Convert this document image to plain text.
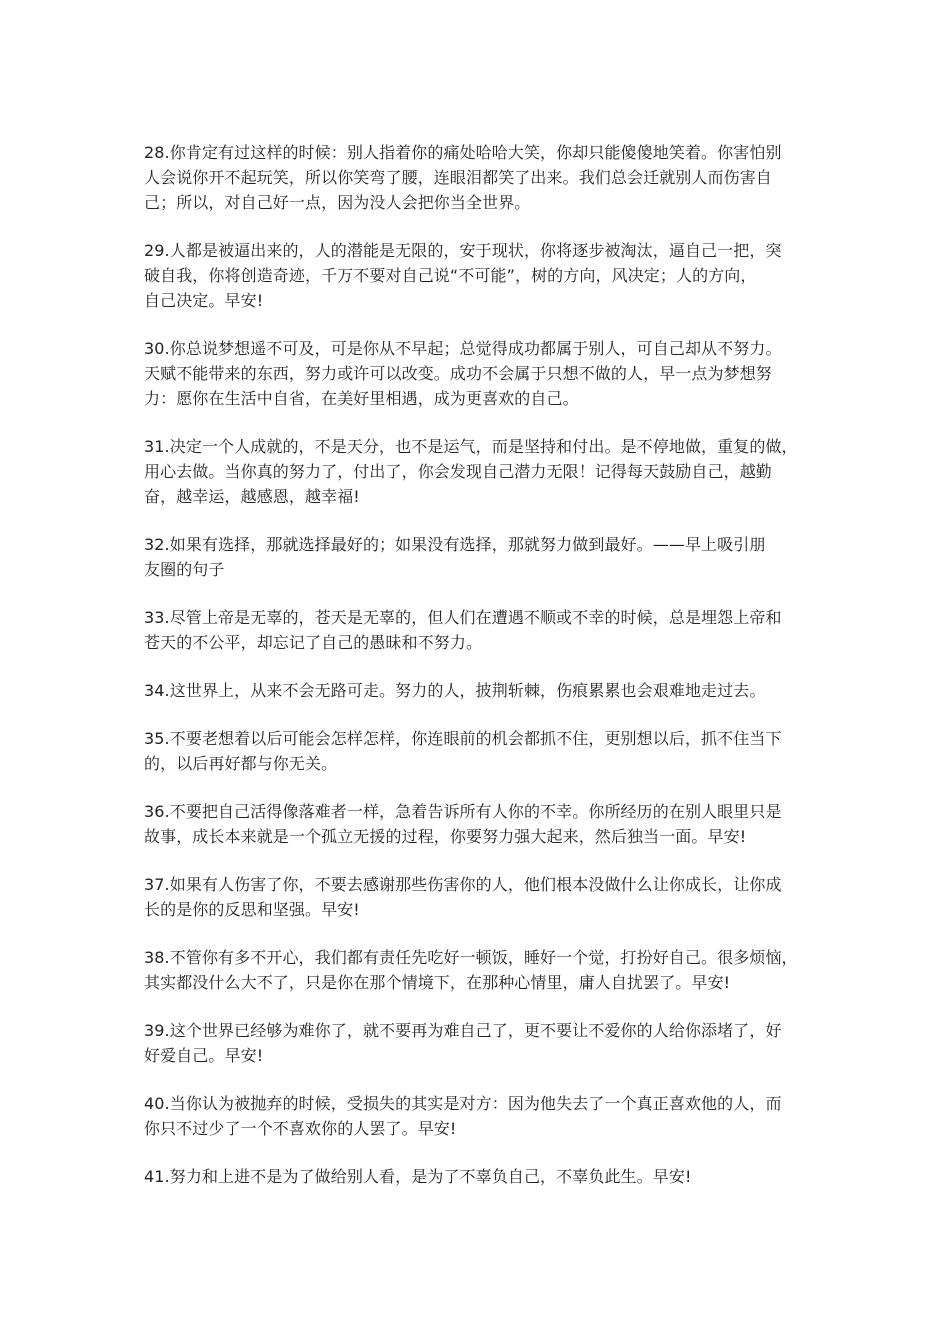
28.你肯定有过这样的时候：别人指着你的痛处哈哈大笑，你却只能傻傻地笑着。你害怕别
人会说你开不起玩笑，所以你笑弯了腰，连眼泪都笑了出来。我们总会迁就别人而伤害自
己；所以，对自己好一点，因为没人会把你当全世界。

29.人都是被逼出来的，人的潜能是无限的，安于现状，你将逐步被淘汰，逼自己一把，突
破自我，你将创造奇迹，千万不要对自己说“不可能”，树的方向，风决定；人的方向，
自己决定。早安!

30.你总说梦想遥不可及，可是你从不早起；总觉得成功都属于别人，可自己却从不努力。
天赋不能带来的东西，努力或许可以改变。成功不会属于只想不做的人，早一点为梦想努
力：愿你在生活中自省，在美好里相遇，成为更喜欢的自己。

31.决定一个人成就的，不是天分，也不是运气，而是坚持和付出。是不停地做，重复的做，
用心去做。当你真的努力了，付出了，你会发现自己潜力无限！记得每天鼓励自己，越勤
奋，越幸运，越感恩，越幸福!

32.如果有选择，那就选择最好的；如果没有选择，那就努力做到最好。——早上吸引朋
友圈的句子

33.尽管上帝是无辜的，苍天是无辜的，但人们在遭遇不顺或不幸的时候，总是埋怨上帝和
苍天的不公平，却忘记了自己的愚昧和不努力。

34.这世界上，从来不会无路可走。努力的人，披荆斩棘，伤痕累累也会艰难地走过去。

35.不要老想着以后可能会怎样怎样，你连眼前的机会都抓不住，更别想以后，抓不住当下
的，以后再好都与你无关。

36.不要把自己活得像落难者一样，急着告诉所有人你的不幸。你所经历的在别人眼里只是
故事，成长本来就是一个孤立无援的过程，你要努力强大起来，然后独当一面。早安!

37.如果有人伤害了你，不要去感谢那些伤害你的人，他们根本没做什么让你成长，让你成
长的是你的反思和坚强。早安!

38.不管你有多不开心，我们都有责任先吃好一顿饭，睡好一个觉，打扮好自己。很多烦恼，
其实都没什么大不了，只是你在那个情境下，在那种心情里，庸人自扰罢了。早安!

39.这个世界已经够为难你了，就不要再为难自己了，更不要让不爱你的人给你添堵了，好
好爱自己。早安!

40.当你认为被抛弃的时候，受损失的其实是对方：因为他失去了一个真正喜欢他的人，而
你只不过少了一个不喜欢你的人罢了。早安!

41.努力和上进不是为了做给别人看，是为了不辜负自己，不辜负此生。早安!
